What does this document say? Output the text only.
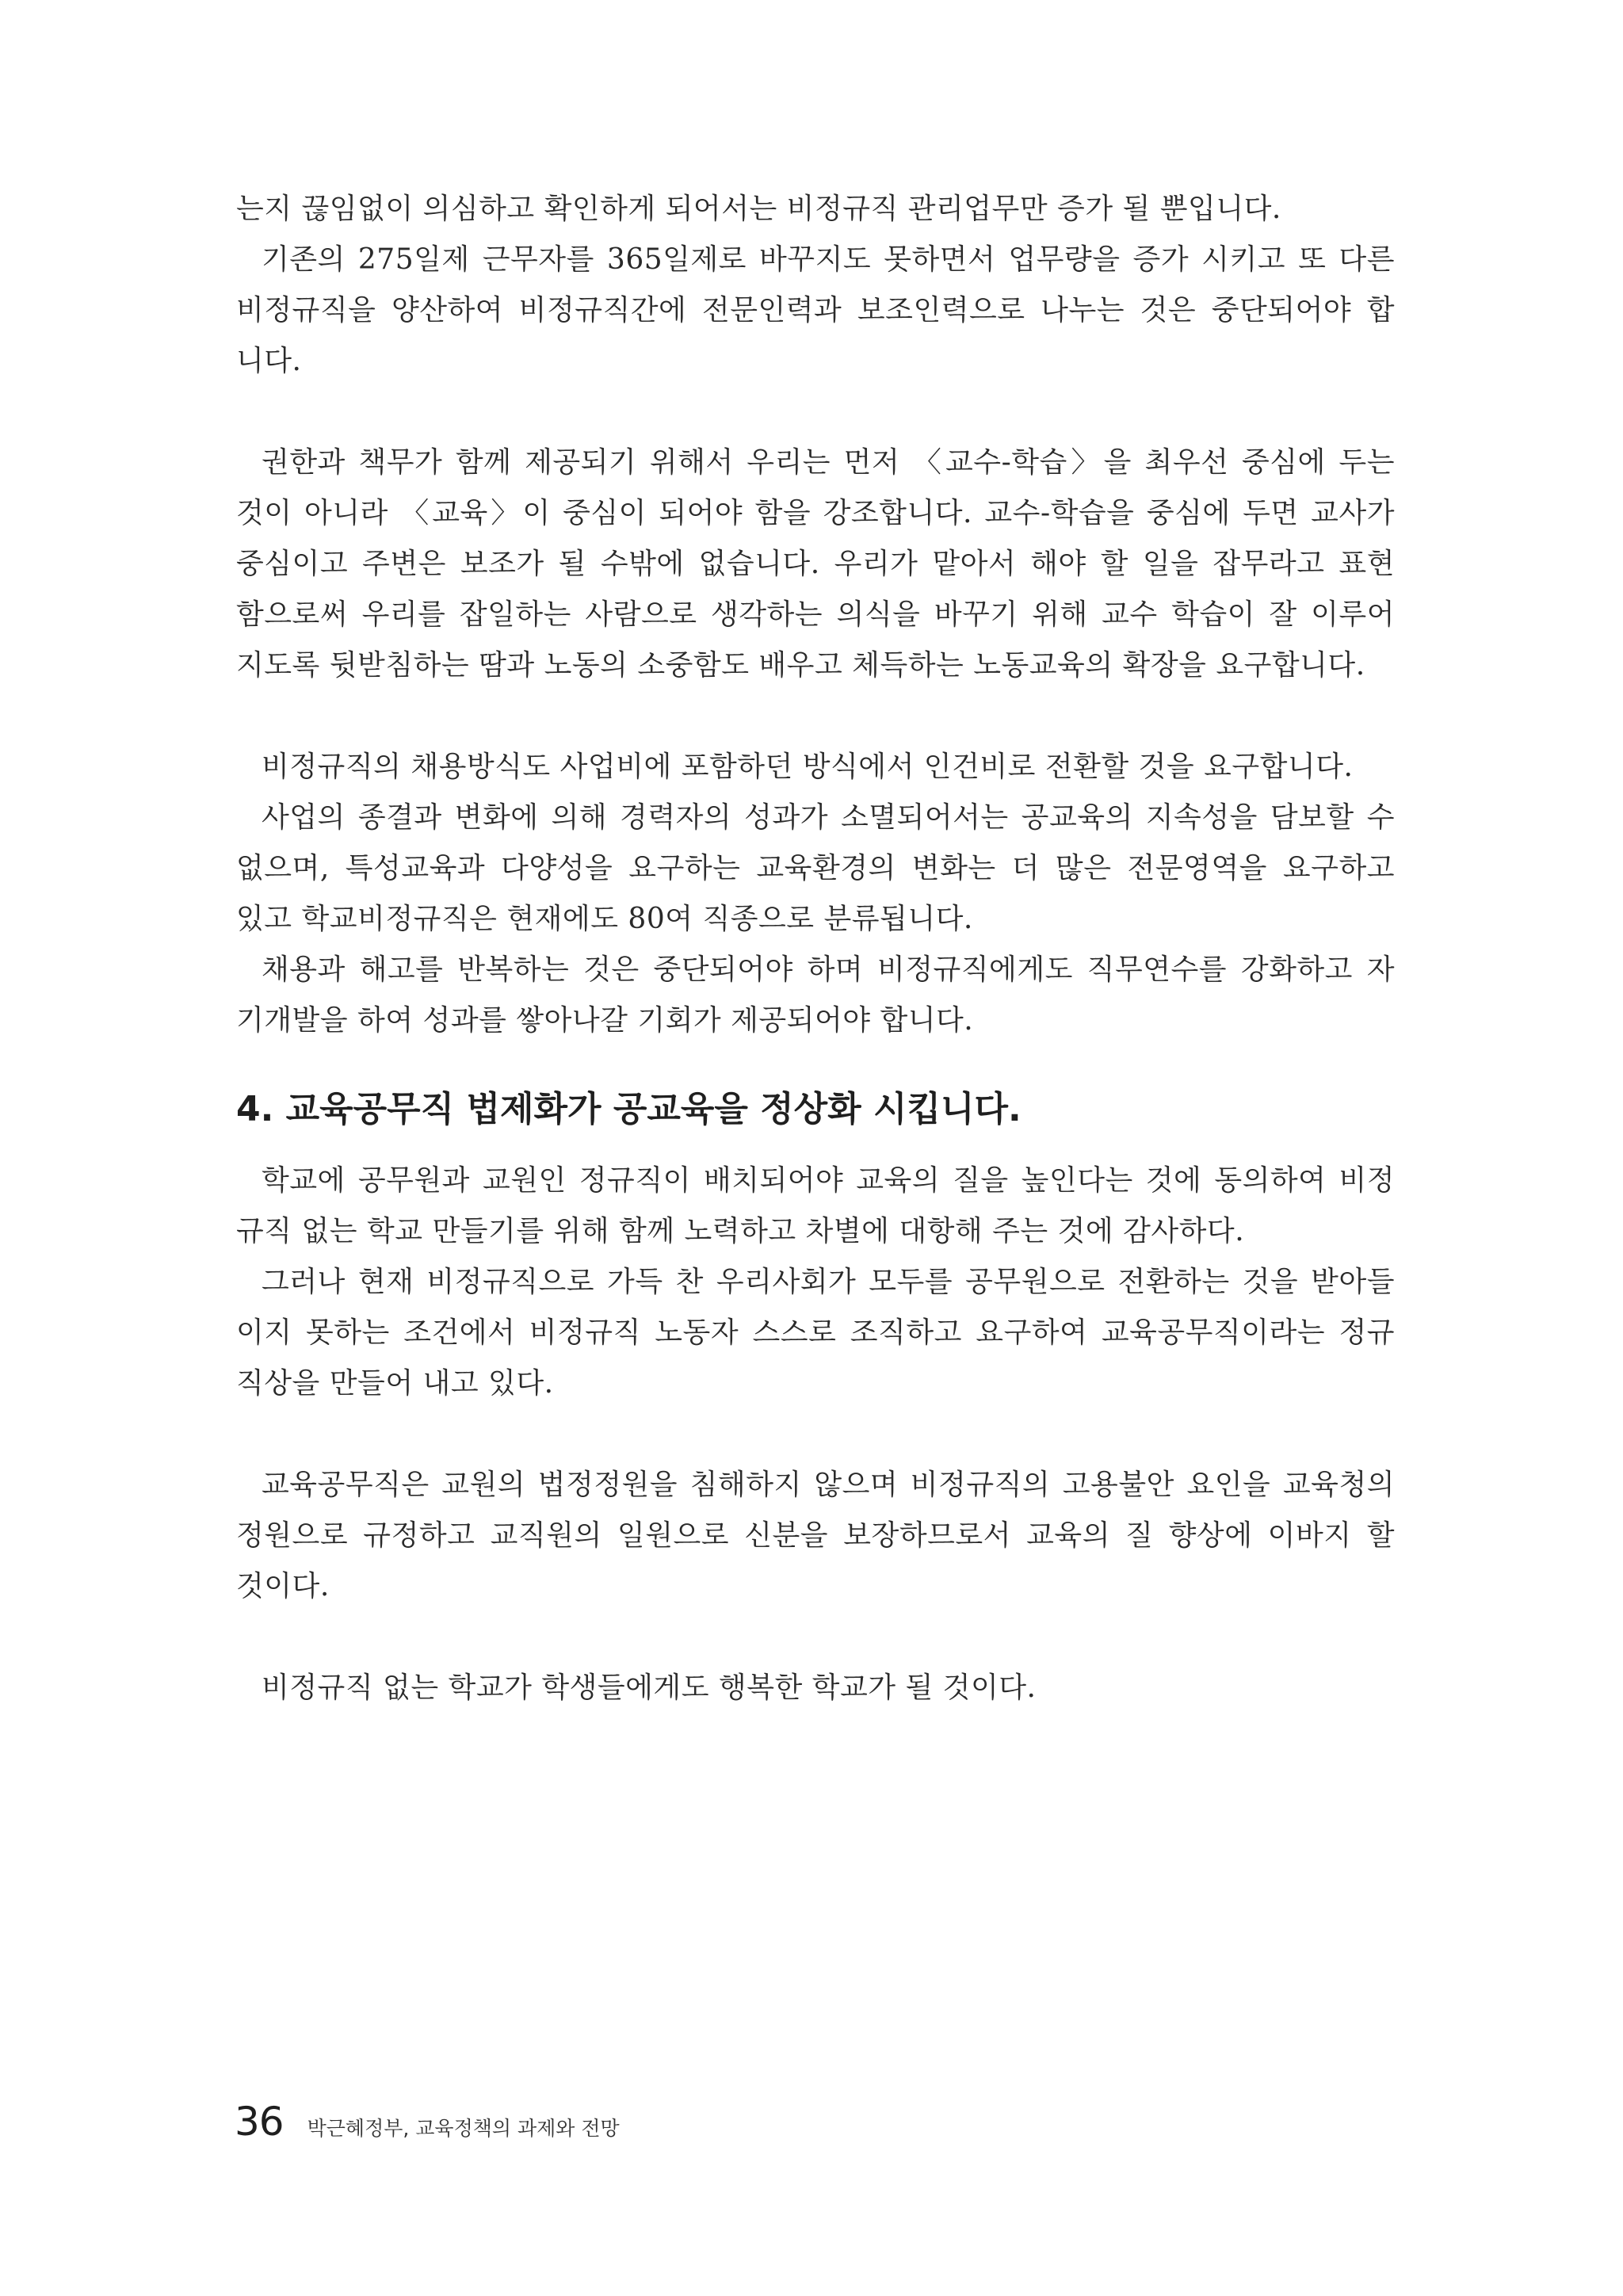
는지 끊임없이 의심하고 확인하게 되어서는 비정규직 관리업무만 증가 될 뿐입니다.
기존의 275일제 근무자를 365일제로 바꾸지도 못하면서 업무량을 증가 시키고 또 다른
비정규직을 양산하여 비정규직간에 전문인력과 보조인력으로 나누는 것은 중단되어야 합
니다.
권한과 책무가 함께 제공되기 위해서 우리는 먼저 〈교수-학습〉을 최우선 중심에 두는
것이 아니라 〈교육〉이 중심이 되어야 함을 강조합니다. 교수-학습을 중심에 두면 교사가
중심이고 주변은 보조가 될 수밖에 없습니다. 우리가 맡아서 해야 할 일을 잡무라고 표현
함으로써 우리를 잡일하는 사람으로 생각하는 의식을 바꾸기 위해 교수 학습이 잘 이루어
지도록 뒷받침하는 땀과 노동의 소중함도 배우고 체득하는 노동교육의 확장을 요구합니다.
비정규직의 채용방식도 사업비에 포함하던 방식에서 인건비로 전환할 것을 요구합니다.
사업의 종결과 변화에 의해 경력자의 성과가 소멸되어서는 공교육의 지속성을 담보할 수
없으며, 특성교육과 다양성을 요구하는 교육환경의 변화는 더 많은 전문영역을 요구하고
있고 학교비정규직은 현재에도 80여 직종으로 분류됩니다.
채용과 해고를 반복하는 것은 중단되어야 하며 비정규직에게도 직무연수를 강화하고 자
기개발을 하여 성과를 쌓아나갈 기회가 제공되어야 합니다.
4. 교육공무직 법제화가 공교육을 정상화 시킵니다.
학교에 공무원과 교원인 정규직이 배치되어야 교육의 질을 높인다는 것에 동의하여 비정
규직 없는 학교 만들기를 위해 함께 노력하고 차별에 대항해 주는 것에 감사하다.
그러나 현재 비정규직으로 가득 찬 우리사회가 모두를 공무원으로 전환하는 것을 받아들
이지 못하는 조건에서 비정규직 노동자 스스로 조직하고 요구하여 교육공무직이라는 정규
직상을 만들어 내고 있다.
교육공무직은 교원의 법정정원을 침해하지 않으며 비정규직의 고용불안 요인을 교육청의
정원으로 규정하고 교직원의 일원으로 신분을 보장하므로서 교육의 질 향상에 이바지 할
것이다.
비정규직 없는 학교가 학생들에게도 행복한 학교가 될 것이다.
36 박근혜정부, 교육정책의 과제와 전망
